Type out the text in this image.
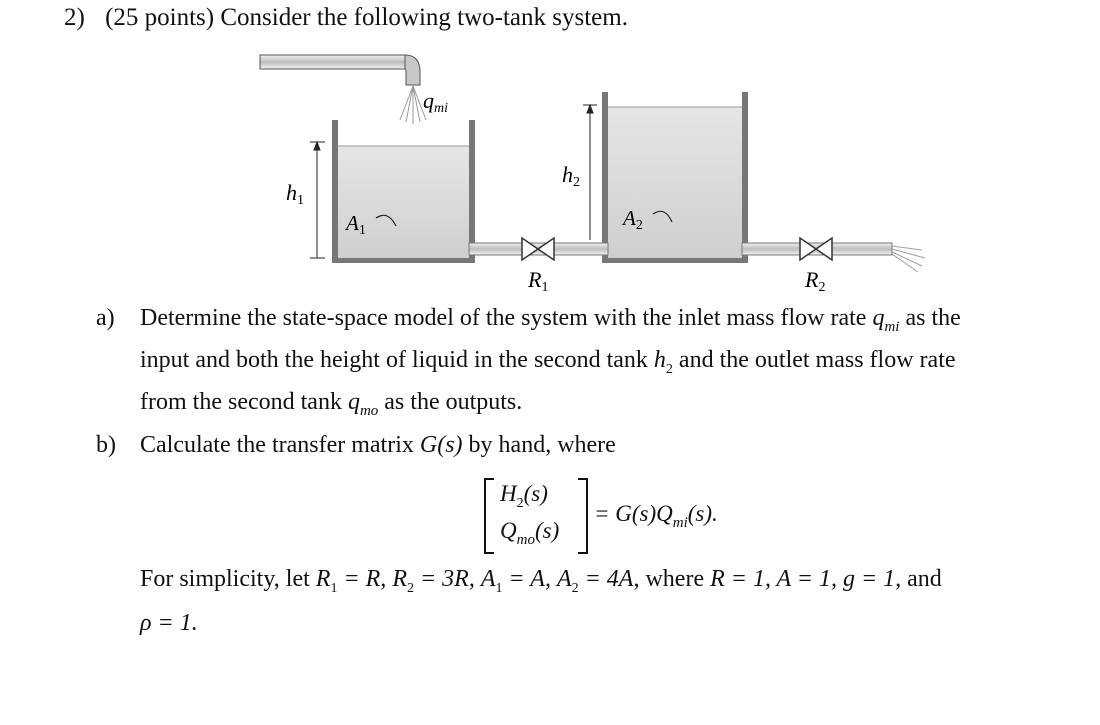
2) (25 points) Consider the following two-tank system.
qmi
h1
h2
A1
A2
R1	R2
a) Determine the state-space model of the system with the inlet mass flow rate $q_{mi}$ as the
input and both the height of liquid in the second tank $h_2$ and the outlet mass flow rate
from the second tank $q_{mo}$ as the outputs.
b) Calculate the transfer matrix G(s) by hand, where
$H_2(s)$
$Q_{mo}(s)$
= $G(s)Q_{mi}(s)$.
For simplicity, let $R_1 = R$, $R_2 = 3R$, $A_1 = A$, $A_2 = 4A$, where R = 1, A = 1, g = 1, and
ρ = 1.
